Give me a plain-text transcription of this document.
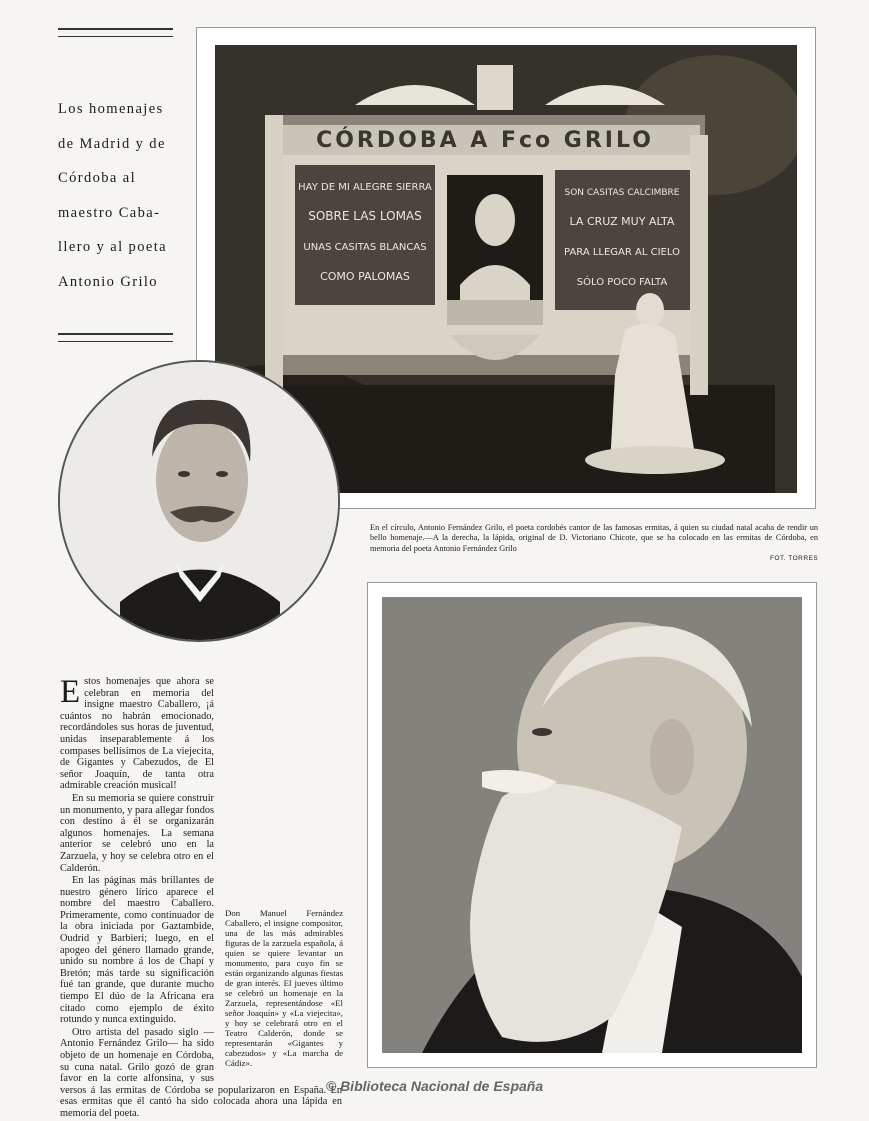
Los homenajes
de Madrid y de
Córdoba al
maestro Caba-
llero y al poeta
Antonio Grilo
CÓRDOBA A Fco GRILO
HAY DE MI ALEGRE SIERRA
SOBRE LAS LOMAS
UNAS CASITAS BLANCAS
COMO PALOMAS
SON CASITAS CALCIMBRE
LA CRUZ MUY ALTA
PARA LLEGAR AL CIELO
SÓLO POCO FALTA
En el círculo, Antonio Fernández Grilo, el poeta cordobés cantor de las famosas ermitas, á quien su ciudad natal acaba de rendir un bello homenaje.—A la derecha, la lápida, original de D. Victoriano Chicote, que se ha colocado en las ermitas de Córdoba, en memoria del poeta Antonio Fernández Grilo
FOT. TORRES

Estos homenajes que ahora se celebran en memoria del insigne maestro Caballero, ¡á cuántos no habrán emocionado, recordándoles sus horas de juventud, unidas inseparablemente á los compases bellísimos de La viejecita, de Gigantes y Cabezudos, de El señor Joaquín, de tanta otra admirable creación musical!

En su memoria se quiere construir un monumento, y para allegar fondos con destino á él se organizarán algunos homenajes. La semana anterior se celebró uno en la Zarzuela, y hoy se celebra otro en el Calderón.

En las páginas más brillantes de nuestro género lírico aparece el nombre del maestro Caballero. Primeramente, como continuador de la obra iniciada por Gaztambide, Oudrid y Barbieri; luego, en el apogeo del género llamado grande, unido su nombre á los de Chapí y Bretón; más tarde su significación fué tan grande, que durante mucho tiempo El dúo de la Africana era citado como ejemplo de éxito rotundo y nunca extinguido.

Otro artista del pasado siglo —Antonio Fernández Grilo— ha sido objeto de un homenaje en Córdoba, su cuna natal. Grilo gozó de gran favor en la corte alfonsina, y sus versos á las ermitas de Córdoba se popularizaron en España. En esas ermitas que él cantó ha sido colocada ahora una lápida en memoria del poeta.

Don Manuel Fernández Caballero, el insigne compositor, una de las más admirables figuras de la zarzuela española, á quien se quiere levantar un monumento, para cuyo fin se están organizando algunas fiestas de gran interés. El jueves último se celebró un homenaje en la Zarzuela, representándose «El señor Joaquín» y «La viejecita», y hoy se celebrará otro en el Teatro Calderón, donde se representarán «Gigantes y cabezudos» y «La marcha de Cádiz».

© Biblioteca Nacional de España
